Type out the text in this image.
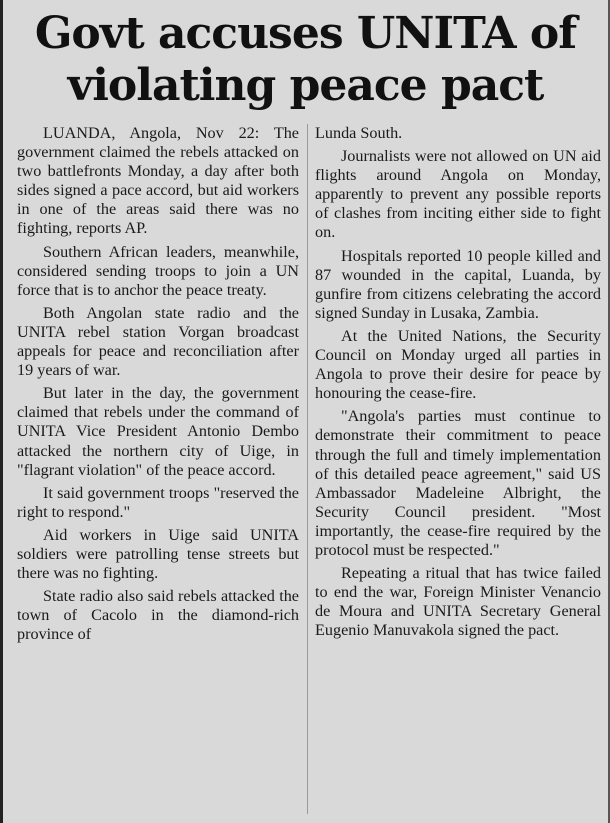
Govt accuses UNITA of violating peace pact

LUANDA, Angola, Nov 22: The government claimed the rebels attacked on two battlefronts Monday, a day after both sides signed a pace accord, but aid workers in one of the areas said there was no fighting, reports AP.

Southern African leaders, meanwhile, considered sending troops to join a UN force that is to anchor the peace treaty.

Both Angolan state radio and the UNITA rebel station Vorgan broadcast appeals for peace and reconciliation after 19 years of war.

But later in the day, the government claimed that rebels under the command of UNITA Vice President Antonio Dembo attacked the northern city of Uige, in "flagrant violation" of the peace accord.

It said government troops "reserved the right to respond."

Aid workers in Uige said UNITA soldiers were patrolling tense streets but there was no fighting.

State radio also said rebels attacked the town of Cacolo in the diamond-rich province of

Lunda South.

Journalists were not allowed on UN aid flights around Angola on Monday, apparently to prevent any possible reports of clashes from inciting either side to fight on.

Hospitals reported 10 people killed and 87 wounded in the capital, Luanda, by gunfire from citizens celebrating the accord signed Sunday in Lusaka, Zambia.

At the United Nations, the Security Council on Monday urged all parties in Angola to prove their desire for peace by honouring the cease-fire.

"Angola's parties must continue to demonstrate their commitment to peace through the full and timely implementation of this detailed peace agreement," said US Ambassador Madeleine Albright, the Security Council president. "Most importantly, the cease-fire required by the protocol must be respected."

Repeating a ritual that has twice failed to end the war, Foreign Minister Venancio de Moura and UNITA Secretary General Eugenio Manuvakola signed the pact.
